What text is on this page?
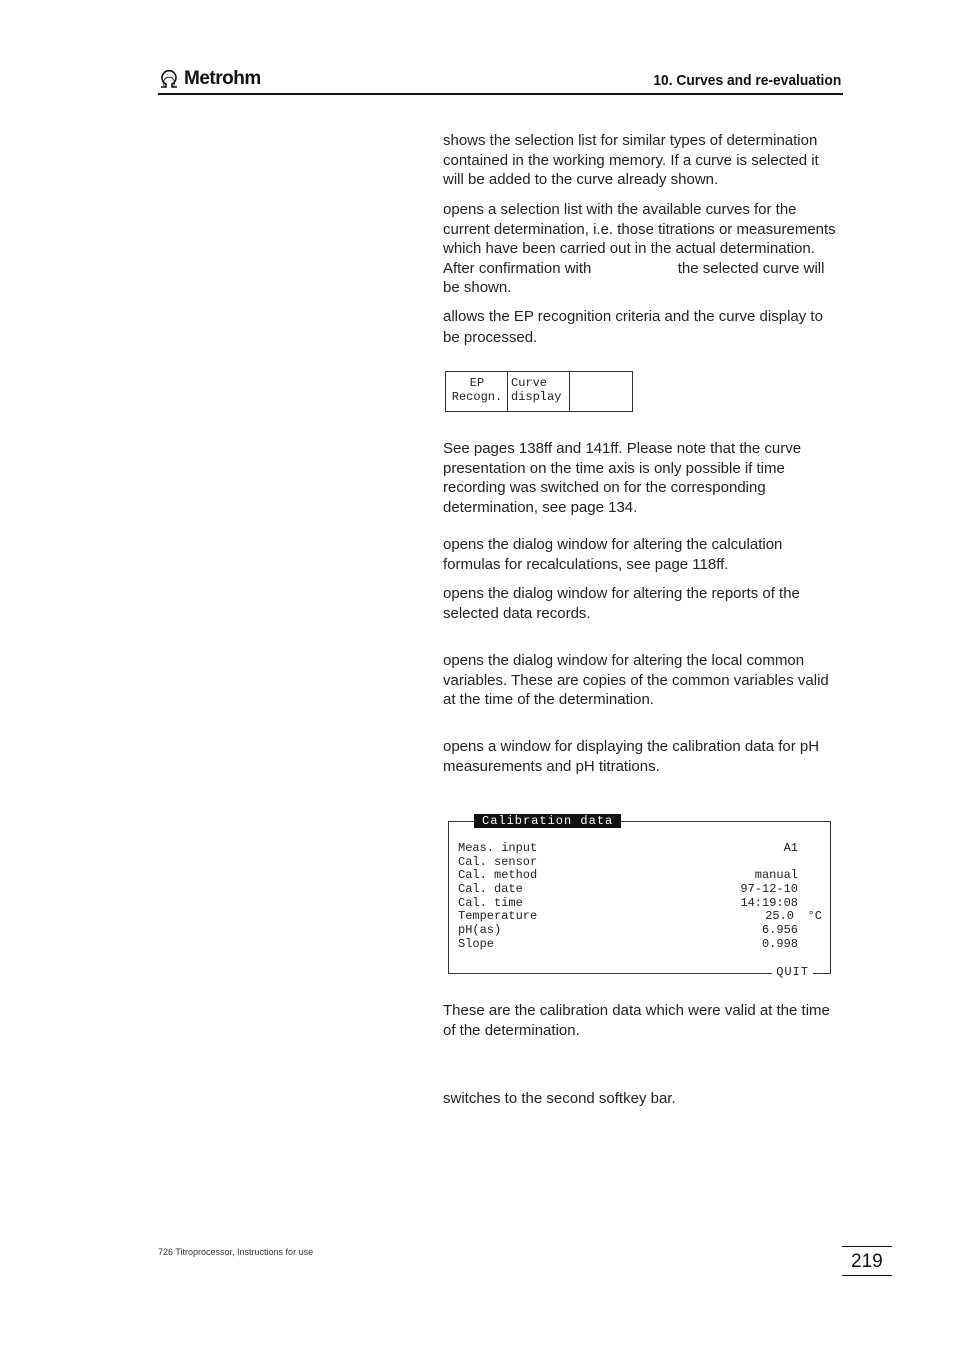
Metrohm	10. Curves and re-evaluation
shows the selection list for similar types of determination contained in the working memory. If a curve is selected it will be added to the curve already shown.
opens a selection list with the available curves for the current determination, i.e. those titrations or measurements which have been carried out in the actual determination. After confirmation with	the selected curve will be shown.
allows the EP recognition criteria and the curve display to be processed.
EP
Recogn.
Curve
display
See pages 138ff and 141ff. Please note that the curve presentation on the time axis is only possible if time recording was switched on for the corresponding determination, see page 134.
opens the dialog window for altering the calculation formulas for recalculations, see page 118ff.
opens the dialog window for altering the reports of the selected data records.
opens the dialog window for altering the local common variables. These are copies of the common variables valid at the time of the determination.
opens a window for displaying the calibration data for pH measurements and pH titrations.
Calibration data
Meas. input	A1
Cal. sensor
Cal. method	manual
Cal. date	97-12-10
Cal. time	14:19:08
Temperature	25.0 °C
pH(as)	6.956
Slope	0.998
QUIT
These are the calibration data which were valid at the time of the determination.
switches to the second softkey bar.
726 Titroprocessor, Instructions for use	219
